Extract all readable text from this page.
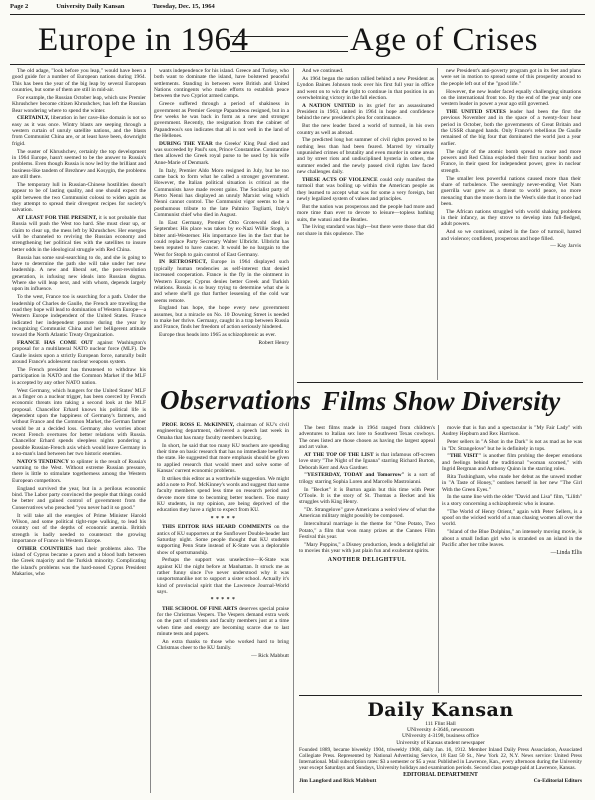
Page 2	University Daily Kansan	Tuesday, Dec. 15, 1964
Europe in 1964	Age of Crises

The old adage, "look before you leap," would have been a good guide for a number of European nations during 1964. This has been the year of the big leap by several European countries, but some of them are still in mid-air.

For example, the Russian October leap, which saw Premier Khrushchev become citizen Khrushchev, has left the Russian Bear wondering where to spend the winter.

CERTAINLY, liberation in her cave-like domain is not so easy as it was once. Wintry blasts are seeping through a western curtain of unruly satellite nations, and the blasts from Communist China are, or at least have been, downright frigid.

The ouster of Khrushchev, certainly the top development in 1964 Europe, hasn't seemed to be the answer to Russia's problems. Even though Russia is now led by the brilliant and business-like tandem of Brezhnev and Kosygin, the problems are still there.

The temporary lull in Russian-Chinese hostilities doesn't appear to be of lasting quality, and one should expect the split between the two Communist colossi to widen again as they attempt to spread their divergent recipes for society's salvation.

AT LEAST FOR THE PRESENT, it is not probable that Russia will push the West too hard. She must clear up, or claim to clear up, the mess left by Khrushchev. Her energies will be channeled to reviving the Russian economy and strengthening her political ties with the satellites to insure better odds in the ideological struggle with Red China.

Russia has some soul-searching to do, and she is going to have to determine the path she will take under her new leadership. A new and liberal set, the post-revolution generation, is infusing new ideals into Russian dogma. Where she will leap next, and with whom, depends largely upon its influence.

To the west, France too is searching for a path. Under the leadership of Charles de Gaulle, the French are traveling the road they hope will lead to domination of Western Europe—a Western Europe independent of the United States. France indicated her independent posture during the year by recognizing Communist China and her belligerent attitude toward the North Atlantic Treaty Organization.

FRANCE HAS COME OUT against Washington's proposal for a multilateral NATO nuclear force (MLF). De Gaulle insists upon a strictly European force, naturally built around France's adolescent nuclear weapons system.

The French president has threatened to withdraw his participation in NATO and the Common Market if the MLF is accepted by any other NATO nation.

West Germany, which hungers for the United States' MLF as a finger on a nuclear trigger, has been coerced by French economic threats into taking a second look at the MLF proposal. Chancellor Erhard knows his political life is dependent upon the happiness of Germany's farmers, and without France and the Common Market, the German farmer would be at a decided loss. Germany also worries about recent French overtures for better relations with Russia. Chancellor Erhard spends sleepless nights pondering a possible Russian-French axis which would leave Germany in a no-man's land between her two historic enemies.

NATO'S TENDENCY to splinter is the result of Russia's warming to the West. Without extreme Russian pressure, there is little to stimulate togetherness among the Western European competitors.

England survived the year, but in a perilous economic bind. The Labor party convinced the people that things could be better and gained control of government from the Conservatives who preached "you never had it so good."

It will take all the energies of Prime Minister Harold Wilson, and some political tight-rope walking, to lead his country out of the depths of economic anemia. British strength is badly needed to counteract the growing importance of France in Western Europe.

OTHER COUNTRIES had their problems also. The island of Cyprus became a pawn and a blood bath between the Greek majority and the Turkish minority. Complicating the island's problems was the hard-nosed Cyprus President Makarios, who

wants independence for his island. Greece and Turkey, who both want to dominate the island, have bolstered peaceful settlements. Standing in between were British and United Nations contingents who made efforts to establish peace between the two Cypriot armed camps.

Greece suffered through a period of shakiness in government as Premier George Papandreou resigned, but in a few weeks he was back in form as a new and stronger government. Recently, the resignation from the cabinet of Papandreou's son indicates that all is not well in the land of the Hellenes.

DURING THE YEAR the Greeks' King Paul died and was succeeded by Paul's son, Prince Constantine. Constantine then allowed the Greek royal purse to be used by his wife Anne-Marie of Denmark.

In Italy, Premier Aldo Moro resigned in July, but he too came back to form what he called a stronger government. However, the Italian political situation is critical as the Communists have made recent gains. The Socialist party of Pietro Nenni has displayed an unruly Marxist wing which Nenni cannot control. The Communist vigor seems to be a posthumous tribute to the late Palmiro Togliatti, Italy's Communist chief who died in August.

In East Germany, Premier Otto Grotewohl died in September. His place was taken by ex-Nazi Willie Stoph, a bitter anti-Westerner. His importance lies in the fact that he could replace Party Secretary Walter Ulbricht. Ulbricht has been reputed to have cancer. It would be no bargain to the West for Stoph to gain control of East Germany.

IN RETROSPECT, Europe in 1964 displayed such typically human tendencies as self-interest that denied increased cooperation. France is the fly in the ointment in Western Europe; Cyprus denies better Greek and Turkish relations. Russia is so busy trying to determine what she is and where she'll go that further lessening of the cold war seems remote.

England has hope, the hope every new government assumes, but a miracle on No. 10 Downing Street is needed to make her thrive. Germany, caught in a trap between Russia and France, finds her freedom of action seriously hindered.

Europe thus heads into 1965 as schizophrenic as ever.

Robert Henry

And we continued.

As 1964 began the nation rallied behind a new President as Lyndon Baines Johnson took over his first full year in office and went on to win the right to continue in that position in an overwhelming victory in the fall election.

A NATION UNITED in its grief for an assassinated President in 1963, united in 1964 in hope and confidence behind the new president's plea for continuance.

But the new leader faced a world of turmoil, in his own country as well as abroad.

The predicted long hot summer of civil rights proved to be nothing less than had been feared. Marred by virtually unpunished crimes of brutality and even murder in some areas and by street riots and undisciplined hysteria in others, the summer ended and the newly passed civil rights law faced new challenges daily.

THESE ACTS OF VIOLENCE could only manifest the turmoil that was boiling up within the American people as they learned to accept what was for some a very foreign, but newly legalized system of values and principles.

But the nation was prosperous and the people had more and more time than ever to devote to leisure—topless bathing suits, the watusi and the Beatles.

The living standard was high—but there were those that did not share in this opulence. The

new President's anti-poverty program got in its feet and plans were set in motion to spread some of this prosperity around to the people left out of the "good life."

However, the new leader faced equally challenging situations on the international front too. By the end of the year only one western leader in power a year ago still governed.

THE UNITED STATES leader had been the first the previous November and in the space of a twenty-four hour period in October, both the governments of Great Britain and the USSR changed hands. Only France's rebellious De Gaulle remained of the big four that dominated the world just a year earlier.

The night of the atomic bomb spread to more and more powers and Red China exploded their first nuclear bomb and France, in their quest for independent power, grew in nuclear strength.

The smaller less powerful nations caused more than their share of turbulence. The seemingly never-ending Viet Nam guerrilla war grew as a threat to world peace, no more menacing than the more thorn in the West's side that it once had been.

The African nations struggled with world shaking problems in their infancy, as they strove to develop into full-fledged, adult powers.

And so we continued, united in the face of turmoil, hatred and violence; confident, prosperous and hope filled.

— Kay Jarvis
Observations

PROF. ROSS E. McKINNEY, chairman of KU's civil engineering department, delivered a speech last week in Omaha that has many faculty members buzzing.

In short, he said that too many KU teachers are spending their time on basic research that has no immediate benefit to the state. He suggested that more emphasis should be given to applied research that would meet and solve some of Kansas' current economic problems.

It strikes this editor as a worthwhile suggestion. We might add a note to Prof. McKinney's words and suggest that some faculty members spend less time on research period and devote more time to becoming better teachers. Too many KU students, in my opinion, are being deprived of the education they have a right to expect from KU.

* * * * *

THIS EDITOR HAS HEARD COMMENTS on the antics of KU supporters at the Sunflower Double-header last Saturday night. Some people thought that KU students supporting Penn State instead of K-State was a deplorable show of sportsmanship.

Perhaps the support was unselective—K-State was against KU the night before at Manhattan. It struck me as rather funny since I've never understood why it was unsportsmanlike not to support a sister school. Actually it's kind of provincial spirit that the Lawrence Journal-World says.

* * * * *

THE SCHOOL OF FINE ARTS deserves special praise for the Christmas Vespers. The Vespers demand extra work on the part of students and faculty members just at a time when time and energy are becoming scarce due to last minute tests and papers.

An extra thanks to those who worked hard to bring Christmas cheer to the KU family.

— Rick Mabbutt
Films Show Diversity

The best films made in 1964 ranged from children's adventures to Italian sex lore to Southwest Texas cowboys. The ones listed are those chosen as having the largest appeal and art value.

AT THE TOP OF THE LIST is that infamous off-screen love story "The Night of the Iguana" starring Richard Burton, Deborah Kerr and Ava Gardner.

"YESTERDAY, TODAY and Tomorrow" is a sort of trilogy starring Sophia Loren and Marcello Mastroianni.

In "Becket" it is Burton again but this time with Peter O'Toole. It is the story of St. Thomas a Becket and his struggles with King Henry.

"Dr. Strangelove" gave Americans a weird view of what the American military might possibly be composed.

Intercultural marriage is the theme for "One Potato, Two Potato," a film that won many prizes at the Cannes Film Festival this year.

"Mary Poppins," a Disney production, lends a delightful air to movies this year with just plain fun and exuberant spirits.

ANOTHER DELIGHTFUL

movie that is fun and a spectacular is "My Fair Lady" with Audrey Hepburn and Rex Harrison.

Peter sellers in "A Shot in the Dark" is not as mad as he was in "Dr. Strangelove" but he is definitely in tops.

"THE VISIT" is another film probing the deeper emotions and feelings behind the traditional "woman scorned," with Ingrid Bergman and Anthony Quinn in the starring roles.

Rita Tushingham, who made her debut as the unwed mother in "A Taste of Honey," outdoes herself in her new "The Girl With the Green Eyes."

In the same line with the older "David and Lisa" film, "Lilith" is a story concerning a schizophrenic who is insane.

"The World of Henry Orient," again with Peter Sellers, is a spoof on the wicked world of a man chasing women all over the world.

"Island of the Blue Dolphins," an intensely moving movie, is about a small Indian girl who is stranded on an island in the Pacific after her tribe leaves.

—Linda Ellis
Daily Kansan
111 Flint Hall
UNiversity 4-3646, newsroom
UNiversity 4-3198, business office
University of Kansas student newspaper
Founded 1889, became biweekly 1904, triweekly 1908, daily Jan. 16, 1912. Member Inland Daily Press Association, Associated Collegiate Press. Represented by National Advertising Service, 18 East 50 St., New York 22, N.Y. News service: United Press International. Mail subscription rates: $3 a semester or $5 a year. Published in Lawrence, Kan., every afternoon during the University year except Saturdays and Sundays, University holidays and examination periods. Second class postage paid at Lawrence, Kansas.
EDITORIAL DEPARTMENT
Jim Langford and Rick Mabbutt	Co-Editorial Editors
